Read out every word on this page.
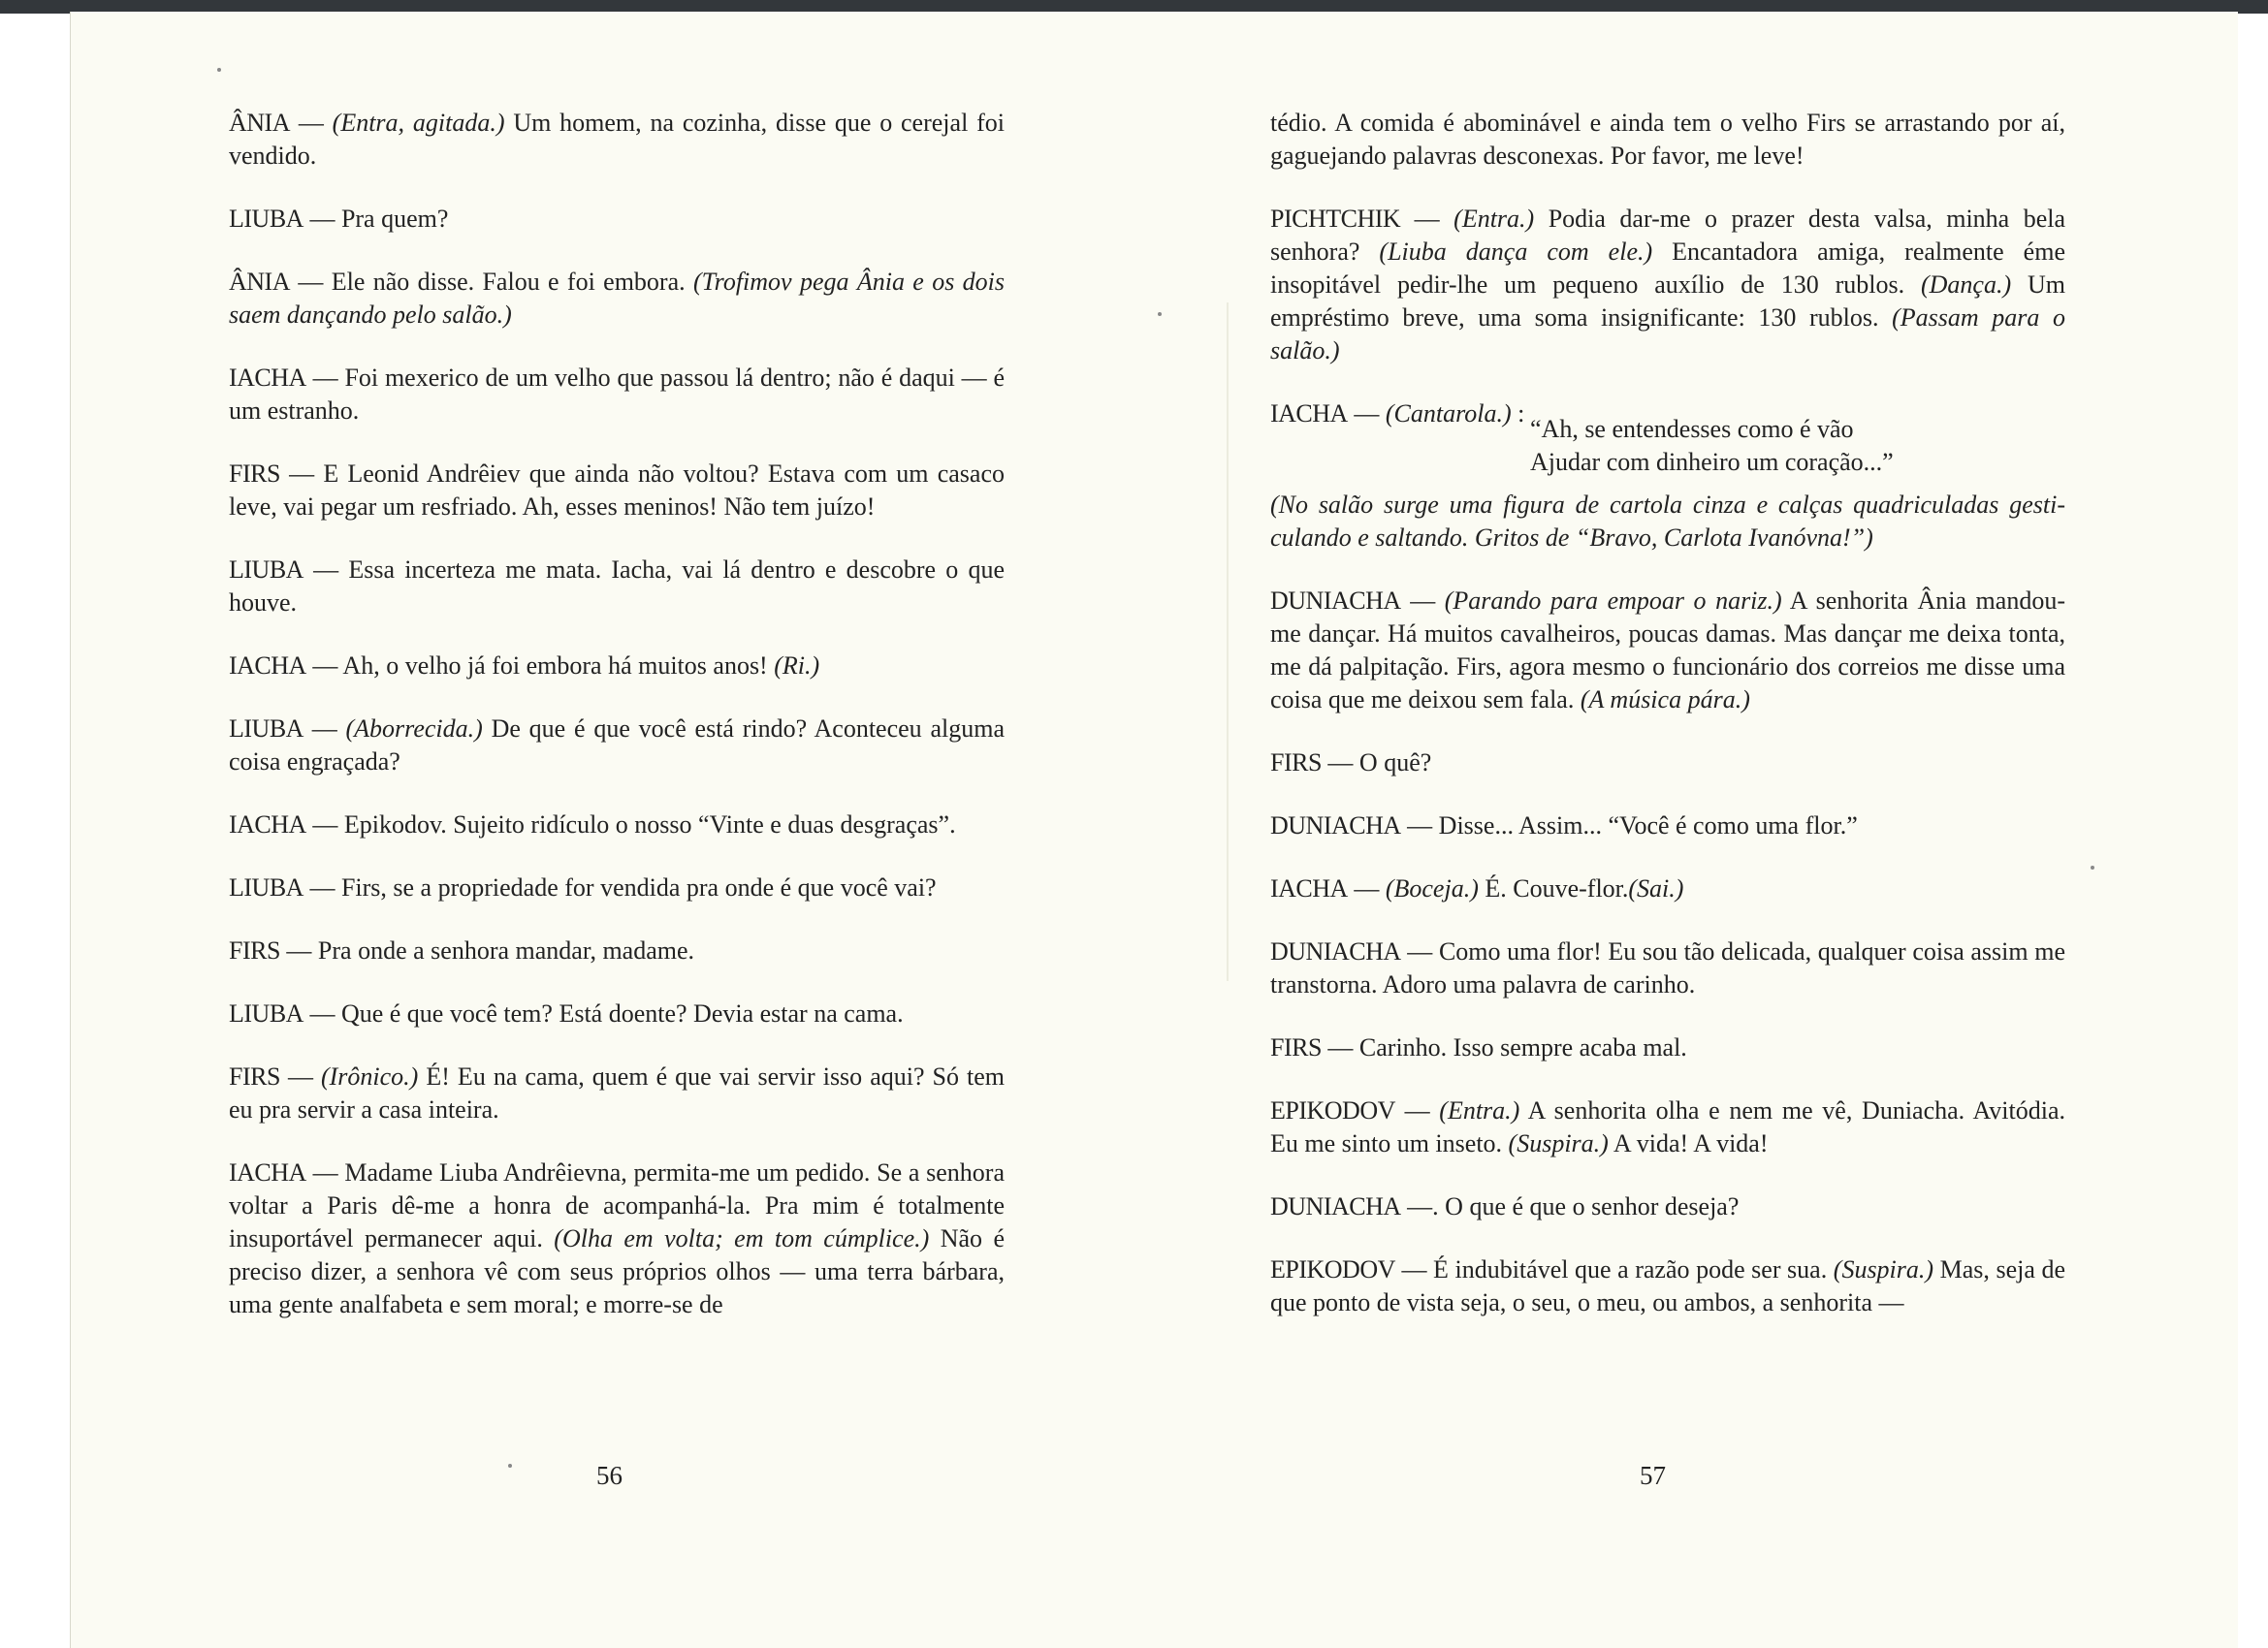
ÂNIA — (Entra, agitada.) Um homem, na cozinha, disse que o cerejal foi vendido.
LIUBA — Pra quem?
ÂNIA — Ele não disse. Falou e foi embora. (Trofimov pega Ânia e os dois saem dançando pelo salão.)
IACHA — Foi mexerico de um velho que passou lá dentro; não é daqui — é um estranho.
FIRS — E Leonid Andrêiev que ainda não voltou? Estava com um casaco leve, vai pegar um resfriado. Ah, esses meninos! Não tem juízo!
LIUBA — Essa incerteza me mata. Iacha, vai lá dentro e descobre o que houve.
IACHA — Ah, o velho já foi embora há muitos anos! (Ri.)
LIUBA — (Aborrecida.) De que é que você está rindo? Aconteceu alguma coisa engraçada?
IACHA — Epikodov. Sujeito ridículo o nosso “Vinte e duas desgraças”.
LIUBA — Firs, se a propriedade for vendida pra onde é que você vai?
FIRS — Pra onde a senhora mandar, madame.
LIUBA — Que é que você tem? Está doente? Devia estar na cama.
FIRS — (Irônico.) É! Eu na cama, quem é que vai servir isso aqui? Só tem eu pra servir a casa inteira.
IACHA — Madame Liuba Andrêievna, permita-me um pedido. Se a senhora voltar a Paris dê-me a honra de acompanhá-la. Pra mim é totalmente insuportável permanecer aqui. (Olha em volta; em tom cúmplice.) Não é preciso dizer, a senhora vê com seus próprios olhos — uma terra bárbara, uma gente analfabeta e sem moral; e morre-se de
tédio. A comida é abominável e ainda tem o velho Firs se arrastando por aí, gaguejando palavras desconexas. Por favor, me leve!
PICHTCHIK — (Entra.) Podia dar-me o prazer desta valsa, minha bela senhora? (Liuba dança com ele.) Encantadora amiga, realmente éme insopitável pedir-lhe um pequeno auxílio de 130 rublos. (Dança.) Um empréstimo breve, uma soma insignificante: 130 rublos. (Passam para o salão.)
IACHA — (Cantarola.) :
“Ah, se entendesses como é vão
Ajudar com dinheiro um coração...”
(No salão surge uma figura de cartola cinza e calças quadriculadas gesticulando e saltando. Gritos de “Bravo, Carlota Ivanóvna!”)
DUNIACHA — (Parando para empoar o nariz.) A senhorita Ânia mandou-me dançar. Há muitos cavalheiros, poucas damas. Mas dançar me deixa tonta, me dá palpitação. Firs, agora mesmo o funcionário dos correios me disse uma coisa que me deixou sem fala. (A música pára.)
FIRS — O quê?
DUNIACHA — Disse... Assim... “Você é como uma flor.”
IACHA — (Boceja.) É. Couve-flor.(Sai.)
DUNIACHA — Como uma flor! Eu sou tão delicada, qualquer coisa assim me transtorna. Adoro uma palavra de carinho.
FIRS — Carinho. Isso sempre acaba mal.
EPIKODOV — (Entra.) A senhorita olha e nem me vê, Duniacha. Avitódia. Eu me sinto um inseto. (Suspira.) A vida! A vida!
DUNIACHA —. O que é que o senhor deseja?
EPIKODOV — É indubitável que a razão pode ser sua. (Suspira.) Mas, seja de que ponto de vista seja, o seu, o meu, ou ambos, a senhorita —
56	57
